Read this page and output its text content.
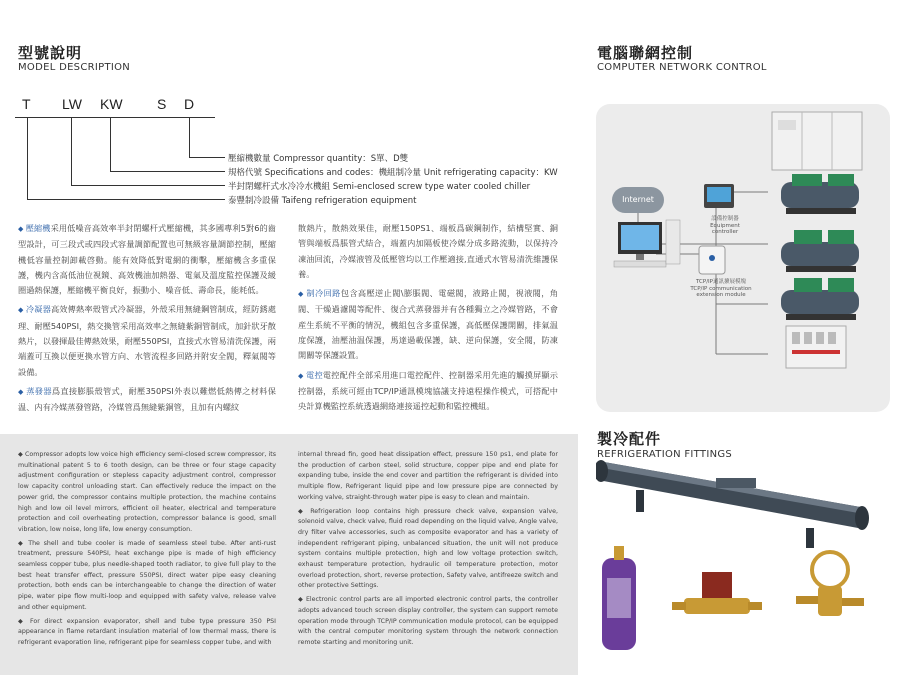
型號說明
MODEL DESCRIPTION
電腦聯網控制
COMPUTER NETWORK CONTROL
T LW KW S D
壓縮機數量 Compressor quantity：S單、D雙
規格代號 Specifications and codes：機組制冷量 Unit refrigerating capacity：KW
半封閉螺杆式水冷冷水機組 Semi-enclosed screw type water cooled chiller
泰豐制冷設備 Taifeng refrigeration equipment

◆ 壓縮機采用低噪音高效率半封閉螺杆式壓縮機，其多國專利5對6的齒型設計，可三段式或四段式容量調節配置也可無級容量調節控制，壓縮機低容量控制卸載啓動。能有效降低對電網的衝擊，壓縮機含多重保護，機内含高低油位視鏡、高效機油加熱器、電氣及溫度監控保護及緩圈過熱保護，壓縮機平衡良好，振動小、噪音低、壽命長，能耗低。

◆ 冷凝器高效傳熱率殼管式冷凝器，外殼采用無縫鋼管制成，經防銹處理、耐壓540PSI，熱交換管采用高效率之無縫紫銅管制成，加針狀牙散熱片，以發揮最佳傳熱效果，耐壓550PSI，直接式水管易清洗保護，兩端蓋可互換以便更換水管方向、水管流程多回路并附安全閥，釋氣閥等設備。

◆ 蒸發器爲直接膨脹殼管式，耐壓350PSI外表以難燃低熱傳之材料保温、内有冷媒蒸發管路，冷媒管爲無縫紫銅管，且加有内螺紋

散熱片，散熱效果佳，耐壓150PS1、端板爲碳鋼制作，結構堅實、銅管與端板爲脹管式結合，端蓋内加隔板使冷媒分成多路流動，以保持冷凍油回流，冷媒液管及低壓管均以工作壓適接,直通式水管易清洗維護保養。

◆ 制冷回路包含高壓逆止閥\膨脹閥、電磁閥，液路止閥，視液閥，角閥、干燥過濾閥等配件、復合式蒸發器并有各種獨立之冷媒管路，不會産生系統不平衡的情況，機組包含多重保護，高低壓保護開關，排氣温度保護，油壓油温保護，馬達過載保護，缺、逆向保護，安全閥，防凍開關等保護設置。

◆ 電控電控配件全部采用進口電控配件、控制器采用先進的觸摸屏顯示控制器，系統可經由TCP/IP通訊模塊協議支持遠程操作模式，可搭配中央計算機監控系統透過網絡連接遥控起動和監控機組。

◆ Compressor adopts low voice high efficiency semi-closed screw compressor, its multinational patent 5 to 6 tooth design, can be three or four stage capacity adjustment configuration or stepless capacity adjustment control, compressor low capacity control unloading start. Can effectively reduce the impact on the power grid, the compressor contains multiple protection, the machine contains high and low oil level mirrors, efficient oil heater, electrical and temperature protection and coil overheating protection, compressor balance is good, small vibration, low noise, long life, low energy consumption.

◆ The shell and tube cooler is made of seamless steel tube. After anti-rust treatment, pressure 540PSI, heat exchange pipe is made of high efficiency seamless copper tube, plus needle-shaped tooth radiator, to give full play to the best heat transfer effect, pressure 550PSI, direct water pipe easy cleaning protection, both ends can be interchangeable to change the direction of water pipe, water pipe flow multi-loop and equipped with safety valve, release valve and other equipment.

◆ For direct expansion evaporator, shell and tube type pressure 350 PSI appearance in flame retardant insulation material of low thermal mass, there is refrigerant evaporation line, refrigerant pipe for seamless copper tube, and with

internal thread fin, good heat dissipation effect, pressure 150 ps1, end plate for the production of carbon steel, solid structure, copper pipe and end plate for expanding tube, inside the end cover and partition the refrigerant is divided into multiple flow, Refrigerant liquid pipe and low pressure pipe are connected by working valve, straight-through water pipe is easy to clean and maintain.

◆ Refrigeration loop contains high pressure check valve, expansion valve, solenoid valve, check valve, fluid road depending on the liquid valve, Angle valve, dry filter valve accessories, such as composite evaporator and has a variety of independent refrigerant piping, unbalanced situation, the unit will not produce system contains multiple protection, high and low voltage protection switch, exhaust temperature protection, hydraulic oil temperature protection, motor overload protection, short, reverse protection, Safety valve, antifreeze switch and other protective Settings.

◆ Electronic control parts are all imported electronic control parts, the controller adopts advanced touch screen display controller, the system can support remote operation mode through TCP/IP communication module protocol, can be equipped with the central computer monitoring system through the network connection remote starting and monitoring unit.

Internet
設備控制器
Equipment controller
TCP/IP通訊擴展模塊
TCP/IP communication
extension module
製冷配件
REFRIGERATION FITTINGS
